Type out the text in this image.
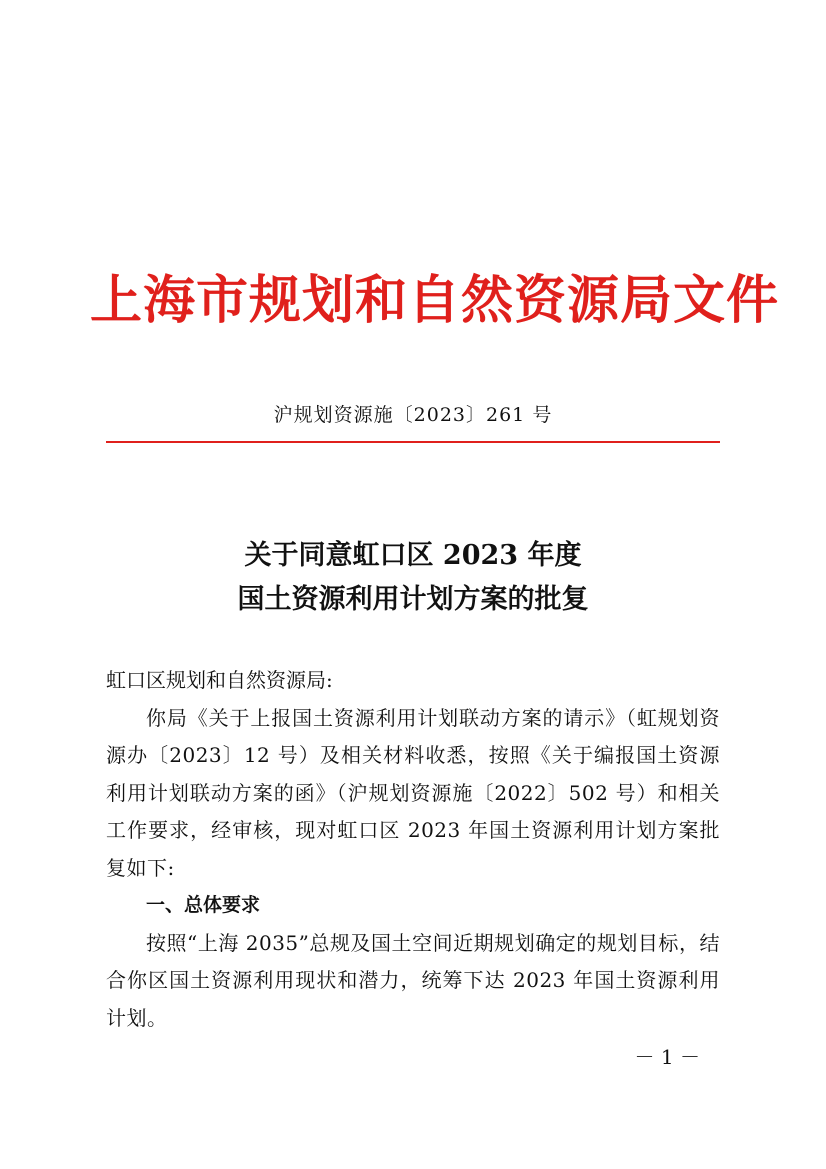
上海市规划和自然资源局文件
沪规划资源施〔2023〕261 号
关于同意虹口区 2023 年度
国土资源利用计划方案的批复

虹口区规划和自然资源局:

你局《关于上报国土资源利用计划联动方案的请示》（虹规划资源办〔2023〕12 号）及相关材料收悉，按照《关于编报国土资源利用计划联动方案的函》（沪规划资源施〔2022〕502 号）和相关工作要求，经审核，现对虹口区 2023 年国土资源利用计划方案批复如下:

一、总体要求

按照“上海 2035”总规及国土空间近期规划确定的规划目标，结合你区国土资源利用现状和潜力，统筹下达 2023 年国土资源利用计划。

－ 1 －
